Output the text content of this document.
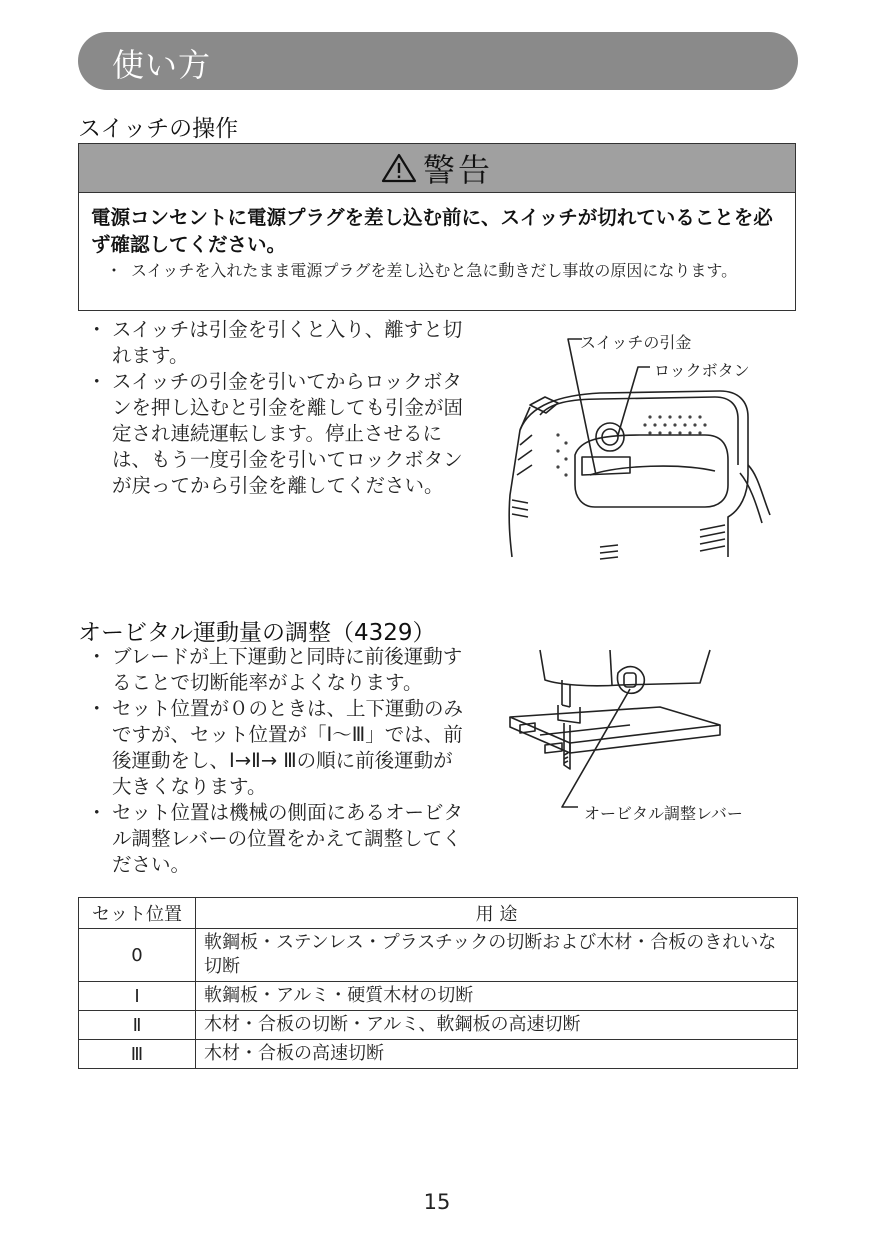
使い方
スイッチの操作
警告
電源コンセントに電源プラグを差し込む前に、スイッチが切れていることを必ず確認してください。
・ スイッチを入れたまま電源プラグを差し込むと急に動きだし事故の原因になります。
・ スイッチは引金を引くと入り、離すと切れます。
・ スイッチの引金を引いてからロックボタンを押し込むと引金を離しても引金が固定され連続運転します。停止させるには、もう一度引金を引いてロックボタンが戻ってから引金を離してください。
スイッチの引金
ロックボタン
オービタル運動量の調整（4329）
・ ブレードが上下運動と同時に前後運動することで切断能率がよくなります。
・ セット位置が０のときは、上下運動のみですが、セット位置が「Ⅰ～Ⅲ」では、前後運動をし、Ⅰ→Ⅱ→ Ⅲの順に前後運動が大きくなります。
・ セット位置は機械の側面にあるオービタル調整レバーの位置をかえて調整してください。
オービタル調整レバー
セット位置	用 途
0	軟鋼板・ステンレス・プラスチックの切断および木材・合板のきれいな切断
Ⅰ	軟鋼板・アルミ・硬質木材の切断
Ⅱ	木材・合板の切断・アルミ、軟鋼板の高速切断
Ⅲ	木材・合板の高速切断
15
